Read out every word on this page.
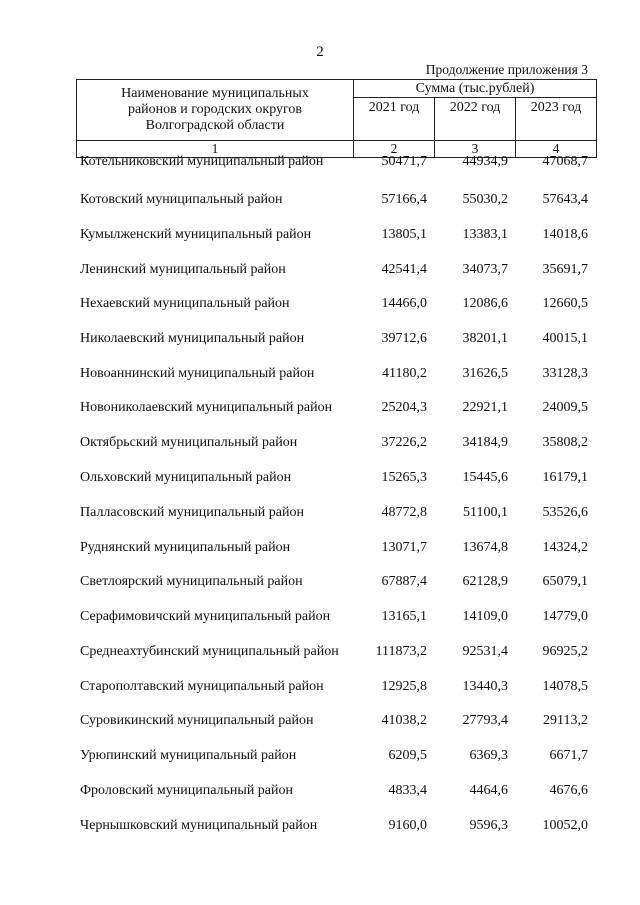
2
Продолжение приложения 3
Наименование муниципальных
районов и городских округов
Волгоградской области	Сумма (тыс.рублей)		
	2021 год	2022 год	2023 год
1	2	3	4
Котельниковский муниципальный район	50471,7	44934,9	47068,7
Котовский муниципальный район	57166,4	55030,2	57643,4
Кумылженский муниципальный район	13805,1	13383,1	14018,6
Ленинский муниципальный район	42541,4	34073,7	35691,7
Нехаевский муниципальный район	14466,0	12086,6	12660,5
Николаевский муниципальный район	39712,6	38201,1	40015,1
Новоаннинский муниципальный район	41180,2	31626,5	33128,3
Новониколаевский муниципальный район	25204,3	22921,1	24009,5
Октябрьский муниципальный район	37226,2	34184,9	35808,2
Ольховский муниципальный район	15265,3	15445,6	16179,1
Палласовский муниципальный район	48772,8	51100,1	53526,6
Руднянский муниципальный район	13071,7	13674,8	14324,2
Светлоярский муниципальный район	67887,4	62128,9	65079,1
Серафимовичский муниципальный район	13165,1	14109,0	14779,0
Среднеахтубинский муниципальный район	111873,2	92531,4	96925,2
Старополтавский муниципальный район	12925,8	13440,3	14078,5
Суровикинский муниципальный район	41038,2	27793,4	29113,2
Урюпинский муниципальный район	6209,5	6369,3	6671,7
Фроловский муниципальный район	4833,4	4464,6	4676,6
Чернышковский муниципальный район	9160,0	9596,3	10052,0
